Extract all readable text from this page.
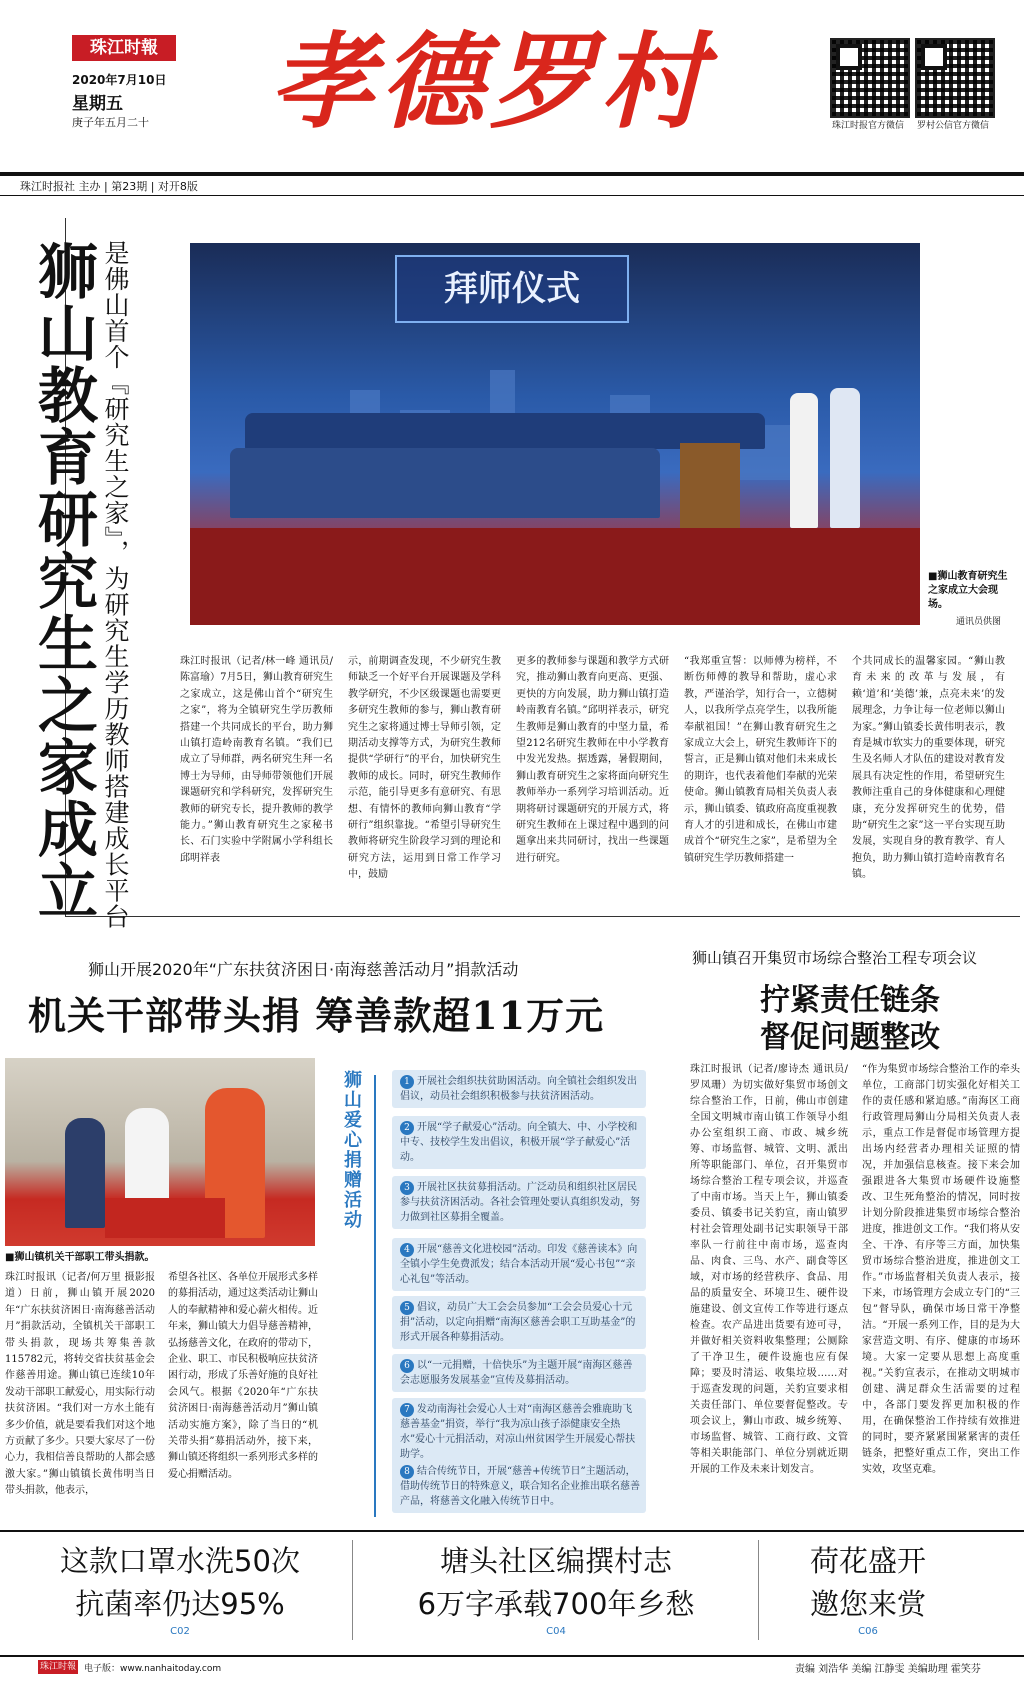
珠江时報
2020年7月10日
星期五
庚子年五月二十 孝德罗村	珠江时报官方微信	罗村公信官方微信
珠江时报社 主办 | 第23期 | 对开8版
狮山教育研究生之家成立 是佛山首个『研究生之家』，为研究生学历教师搭建成长平台	拜师仪式
■狮山教育研究生之家成立大会现场。
通讯员供图
珠江时报讯（记者/林一峰 通讯员/陈富瑜）7月5日，狮山教育研究生之家成立，这是佛山首个“研究生之家”，将为全镇研究生学历教师搭建一个共同成长的平台，助力狮山镇打造岭南教育名镇。“我们已成立了导师群，两名研究生拜一名博士为导师，由导师带领他们开展课题研究和学科研究，发挥研究生教师的研究专长，提升教师的教学能力。”狮山教育研究生之家秘书长、石门实验中学附属小学科组长邱明祥表
示，前期调查发现，不少研究生教师缺乏一个好平台开展课题及学科教学研究，不少区级课题也需要更多研究生教师的参与，狮山教育研究生之家将通过博士导师引领，定期活动支撑等方式，为研究生教师提供“学研行”的平台，加快研究生教师的成长。同时，研究生教师作示范，能引导更多有意研究、有思想、有情怀的教师向狮山教育“学研行”组织靠拢。“希望引导研究生教师将研究生阶段学习到的理论和研究方法，运用到日常工作学习中，鼓励
更多的教师参与课题和教学方式研究，推动狮山教育向更高、更强、更快的方向发展，助力狮山镇打造岭南教育名镇。”邱明祥表示，研究生教师是狮山教育的中坚力量，希望212名研究生教师在中小学教育中发光发热。据透露，暑假期间，狮山教育研究生之家将面向研究生教师举办一系列学习培训活动。近期将研讨课题研究的开展方式，将研究生教师在上课过程中遇到的问题拿出来共同研讨，找出一些课题进行研究。
“我郑重宣誓：以师傅为榜样，不断伤师傅的教导和帮助，虚心求教，严谨治学，知行合一，立德树人，以我所学点亮学生，以我所能奉献祖国！”在狮山教育研究生之家成立大会上，研究生教师许下的誓言，正是狮山镇对他们未来成长的期许，也代表着他们奉献的光荣使命。狮山镇教育局相关负责人表示，狮山镇委、镇政府高度重视教育人才的引进和成长，在佛山市建成首个“研究生之家”，是希望为全镇研究生学历教师搭建一
个共同成长的温馨家园。“狮山教育未来的改革与发展，有赖‘道’和‘美德’兼，点亮未来’的发展理念，力争让每一位老师以狮山为家。”狮山镇委长黄伟明表示，教育是城市软实力的重要体现，研究生及名师人才队伍的建设对教育发展具有决定性的作用，希望研究生教师注重自己的身体健康和心理健康，充分发挥研究生的优势，借助“研究生之家”这一平台实现互助发展，实现自身的教育教学、育人抱负，助力狮山镇打造岭南教育名镇。
狮山开展2020年“广东扶贫济困日·南海慈善活动月”捐款活动
机关干部带头捐 筹善款超11万元
■狮山镇机关干部职工带头捐款。
珠江时报讯（记者/何万里 摄影报道）日前，狮山镇开展2020年“广东扶贫济困日·南海慈善活动月”捐款活动，全镇机关干部职工带头捐款，现场共筹集善款115782元，将转交省扶贫基金会作慈善用途。狮山镇已连续10年发动干部职工献爱心，用实际行动扶贫济困。“我们对一方水土能有多少价值，就是要看我们对这个地方贡献了多少。只要大家尽了一份心力，我相信善良帮助的人都会感激大家。”狮山镇镇长黄伟明当日带头捐款，他表示，
希望各社区、各单位开展形式多样的募捐活动，通过这类活动让狮山人的奉献精神和爱心薪火相传。近年来，狮山镇大力倡导慈善精神，弘扬慈善文化，在政府的带动下，企业、职工、市民积极响应扶贫济困行动，形成了乐善好施的良好社会风气。根据《2020年“广东扶贫济困日·南海慈善活动月”狮山镇活动实施方案》，除了当日的“机关带头捐”募捐活动外，接下来，狮山镇还将组织一系列形式多样的爱心捐赠活动。
狮山爱心捐赠活动	1 开展社会组织扶贫助困活动。向全镇社会组织发出倡议，动员社会组织积极参与扶贫济困活动。
2 开展“学子献爱心”活动。向全镇大、中、小学校和中专、技校学生发出倡议，积极开展“学子献爱心”活动。
3 开展社区扶贫募捐活动。广泛动员和组织社区居民参与扶贫济困活动。各社会管理处要认真组织发动，努力做到社区募捐全覆盖。
4 开展“慈善文化进校园”活动。印发《慈善读本》向全镇小学生免费派发；结合本活动开展“爱心书包”“亲心礼包”等活动。
5 倡议，动员广大工会会员参加“工会会员爱心十元捐”活动，以定向捐赠“南海区慈善会职工互助基金”的形式开展各种募捐活动。
6 以“一元捐赠，十倍快乐”为主题开展“南海区慈善会志愿服务发展基金”宣传及募捐活动。
7 发动南海社会爱心人士对“南海区慈善会雅鹿助飞慈善基金”捐资，举行“我为凉山孩子添健康安全热水”爱心十元捐活动，对凉山州贫困学生开展爱心帮扶助学。
8 结合传统节日，开展“慈善+传统节日”主题活动，借助传统节日的特殊意义，联合知名企业推出联名慈善产品，将慈善文化融入传统节日中。
狮山镇召开集贸市场综合整治工程专项会议
拧紧责任链条
督促问题整改
珠江时报讯（记者/廖诗杰 通讯员/罗凤珊）为切实做好集贸市场创文综合整治工作，日前，佛山市创建全国文明城市南山镇工作领导小组办公室组织工商、市政、城乡统筹、市场监督、城管、文明、派出所等职能部门、单位，召开集贸市场综合整治工程专项会议，并巡查了中南市场。当天上午，狮山镇委委员、镇委书记关豹宣，南山镇罗村社会管理处副书记实职领导干部率队一行前往中南市场，巡查肉品、肉食、三鸟、水产、副食等区域，对市场的经营秩序、食品、用品的质量安全、环境卫生、硬件设施建设、创文宣传工作等进行逐点检查。农产品进出货要有迹可寻，并做好相关资料收集整理；公厕除了干净卫生，硬件设施也应有保障；要及时清运、收集垃圾……对于巡查发现的问题，关豹宣要求相关责任部门、单位要督促整改。专项会议上，狮山市政、城乡统筹、市场监督、城管、工商行政、文管等相关职能部门、单位分别就近期开展的工作及未来计划发言。
“作为集贸市场综合整治工作的牵头单位，工商部门切实强化好相关工作的责任感和紧迫感。”南海区工商行政管理局狮山分局相关负责人表示，重点工作是督促市场管理方提出场内经营者办理相关证照的情况，并加强信息核查。接下来会加强跟进各大集贸市场硬件设施整改、卫生死角整治的情况，同时按计划分阶段推进集贸市场综合整治进度，推进创文工作。“我们将从安全、干净、有序等三方面，加快集贸市场综合整治进度，推进创文工作。”市场监督相关负责人表示，接下来，市场管理方会成立专门的“三包”督导队，确保市场日常干净整洁。“开展一系列工作，目的是为大家营造文明、有序、健康的市场环境。大家一定要从思想上高度重视。”关豹宣表示，在推动文明城市创建、满足群众生活需要的过程中，各部门要发挥更加积极的作用，在确保整治工作持续有效推进的同时，要齐紧紧围紧紧害的责任链条，把整好重点工作，突出工作实效，攻坚克难。
这款口罩水洗50次
抗菌率仍达95%
C02
塘头社区编撰村志
6万字承载700年乡愁
C04
荷花盛开
邀您来赏
C06
珠江时報 电子版：www.nanhaitoday.com	责编 刘浩华 美编 江静雯 美编助理 霍笑芬
